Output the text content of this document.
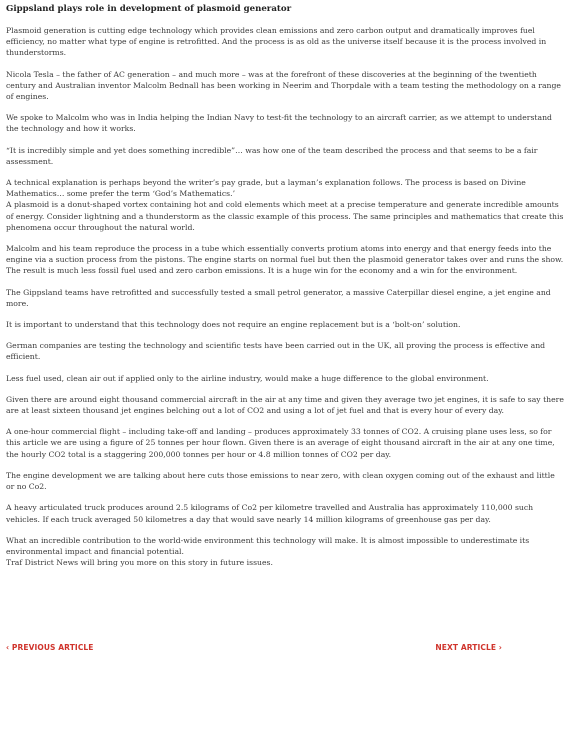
Gippsland plays role in development of plasmoid generator

Plasmoid generation is cutting edge technology which provides clean emissions and zero carbon output and dramatically improves fuel efficiency, no matter what type of engine is retrofitted. And the process is as old as the universe itself because it is the process involved in thunderstorms.

Nicola Tesla – the father of AC generation – and much more – was at the forefront of these discoveries at the beginning of the twentieth century and Australian inventor Malcolm Bednall has been working in Neerim and Thorpdale with a team testing the methodology on a range of engines.

We spoke to Malcolm who was in India helping the Indian Navy to test-fit the technology to an aircraft carrier, as we attempt to understand the technology and how it works.

“It is incredibly simple and yet does something incredible”… was how one of the team described the process and that seems to be a fair assessment.

A technical explanation is perhaps beyond the writer’s pay grade, but a layman’s explanation follows. The process is based on Divine Mathematics… some prefer the term ‘God’s Mathematics.’
A plasmoid is a donut-shaped vortex containing hot and cold elements which meet at a precise temperature and generate incredible amounts of energy. Consider lightning and a thunderstorm as the classic example of this process. The same principles and mathematics that create this phenomena occur throughout the natural world.

Malcolm and his team reproduce the process in a tube which essentially converts protium atoms into energy and that energy feeds into the engine via a suction process from the pistons. The engine starts on normal fuel but then the plasmoid generator takes over and runs the show. The result is much less fossil fuel used and zero carbon emissions. It is a huge win for the economy and a win for the environment.

The Gippsland teams have retrofitted and successfully tested a small petrol generator, a massive Caterpillar diesel engine, a jet engine and more.

It is important to understand that this technology does not require an engine replacement but is a ‘bolt-on’ solution.

German companies are testing the technology and scientific tests have been carried out in the UK, all proving the process is effective and efficient.

Less fuel used, clean air out if applied only to the airline industry, would make a huge difference to the global environment.

Given there are around eight thousand commercial aircraft in the air at any time and given they average two jet engines, it is safe to say there are at least sixteen thousand jet engines belching out a lot of CO2 and using a lot of jet fuel and that is every hour of every day.

A one-hour commercial flight – including take-off and landing – produces approximately 33 tonnes of CO2. A cruising plane uses less, so for this article we are using a figure of 25 tonnes per hour flown. Given there is an average of eight thousand aircraft in the air at any one time, the hourly CO2 total is a staggering 200,000 tonnes per hour or 4.8 million tonnes of CO2 per day.

The engine development we are talking about here cuts those emissions to near zero, with clean oxygen coming out of the exhaust and little or no Co2.

A heavy articulated truck produces around 2.5 kilograms of Co2 per kilometre travelled and Australia has approximately 110,000 such vehicles. If each truck averaged 50 kilometres a day that would save nearly 14 million kilograms of greenhouse gas per day.

What an incredible contribution to the world-wide environment this technology will make. It is almost impossible to underestimate its environmental impact and financial potential.
Traf District News will bring you more on this story in future issues.

‹ PREVIOUS ARTICLE	NEXT ARTICLE ›
